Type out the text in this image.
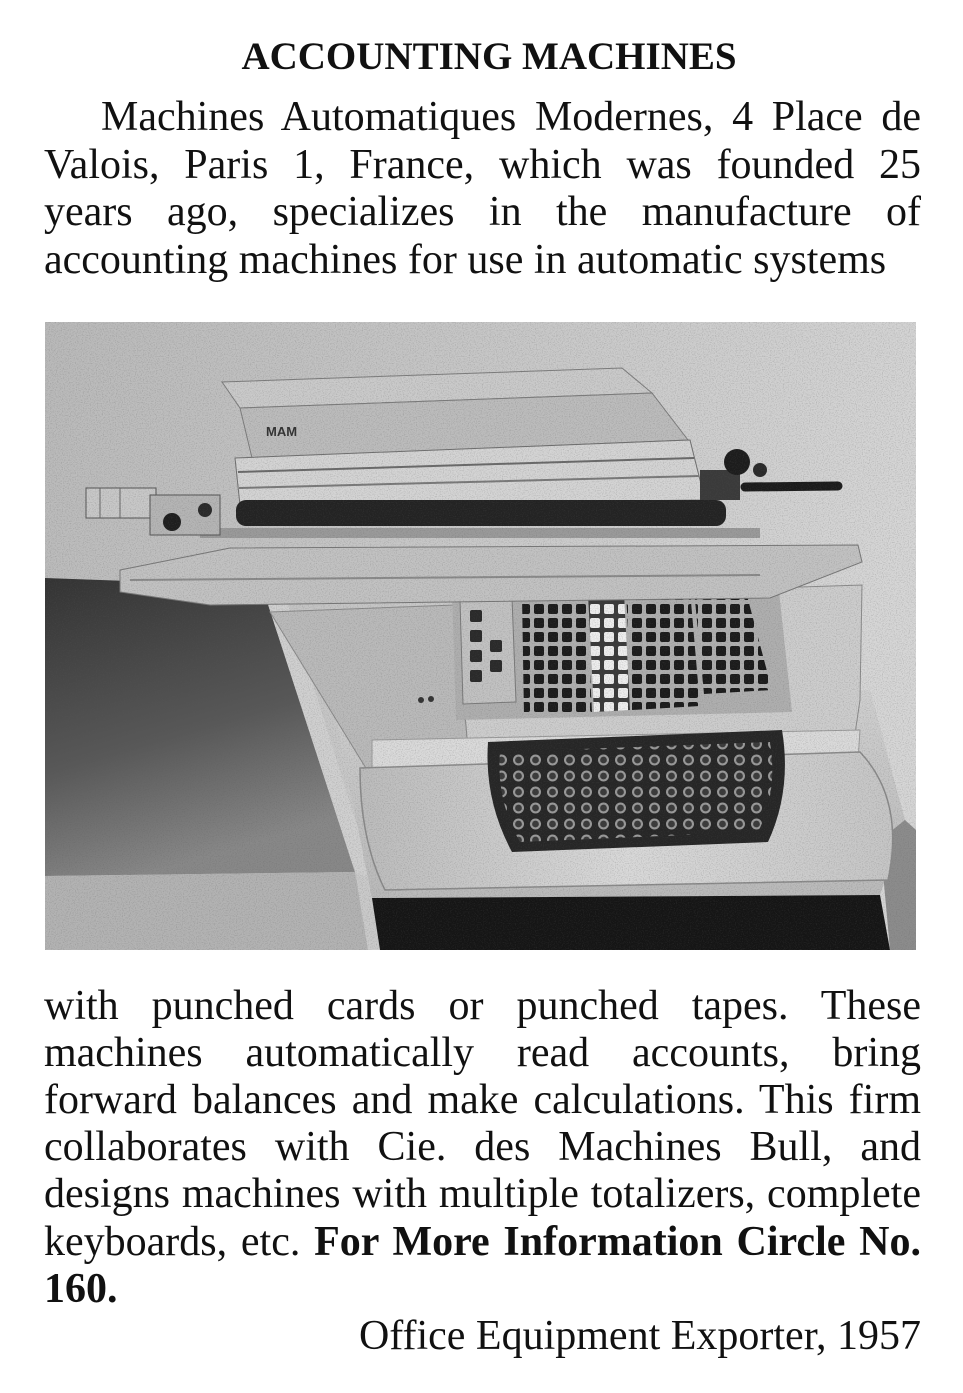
ACCOUNTING MACHINES
Machines Automatiques Modernes, 4 Place de
Valois, Paris 1, France, which was founded 25
years ago, specializes in the manufacture of
accounting machines for use in automatic systems
with punched cards or punched tapes. These
machines automatically read accounts, bring
forward balances and make calculations. This firm
collaborates with Cie. des Machines Bull, and
designs machines with multiple totalizers, complete
keyboards, etc. For More Information Circle No.
160.
Office Equipment Exporter, 1957
